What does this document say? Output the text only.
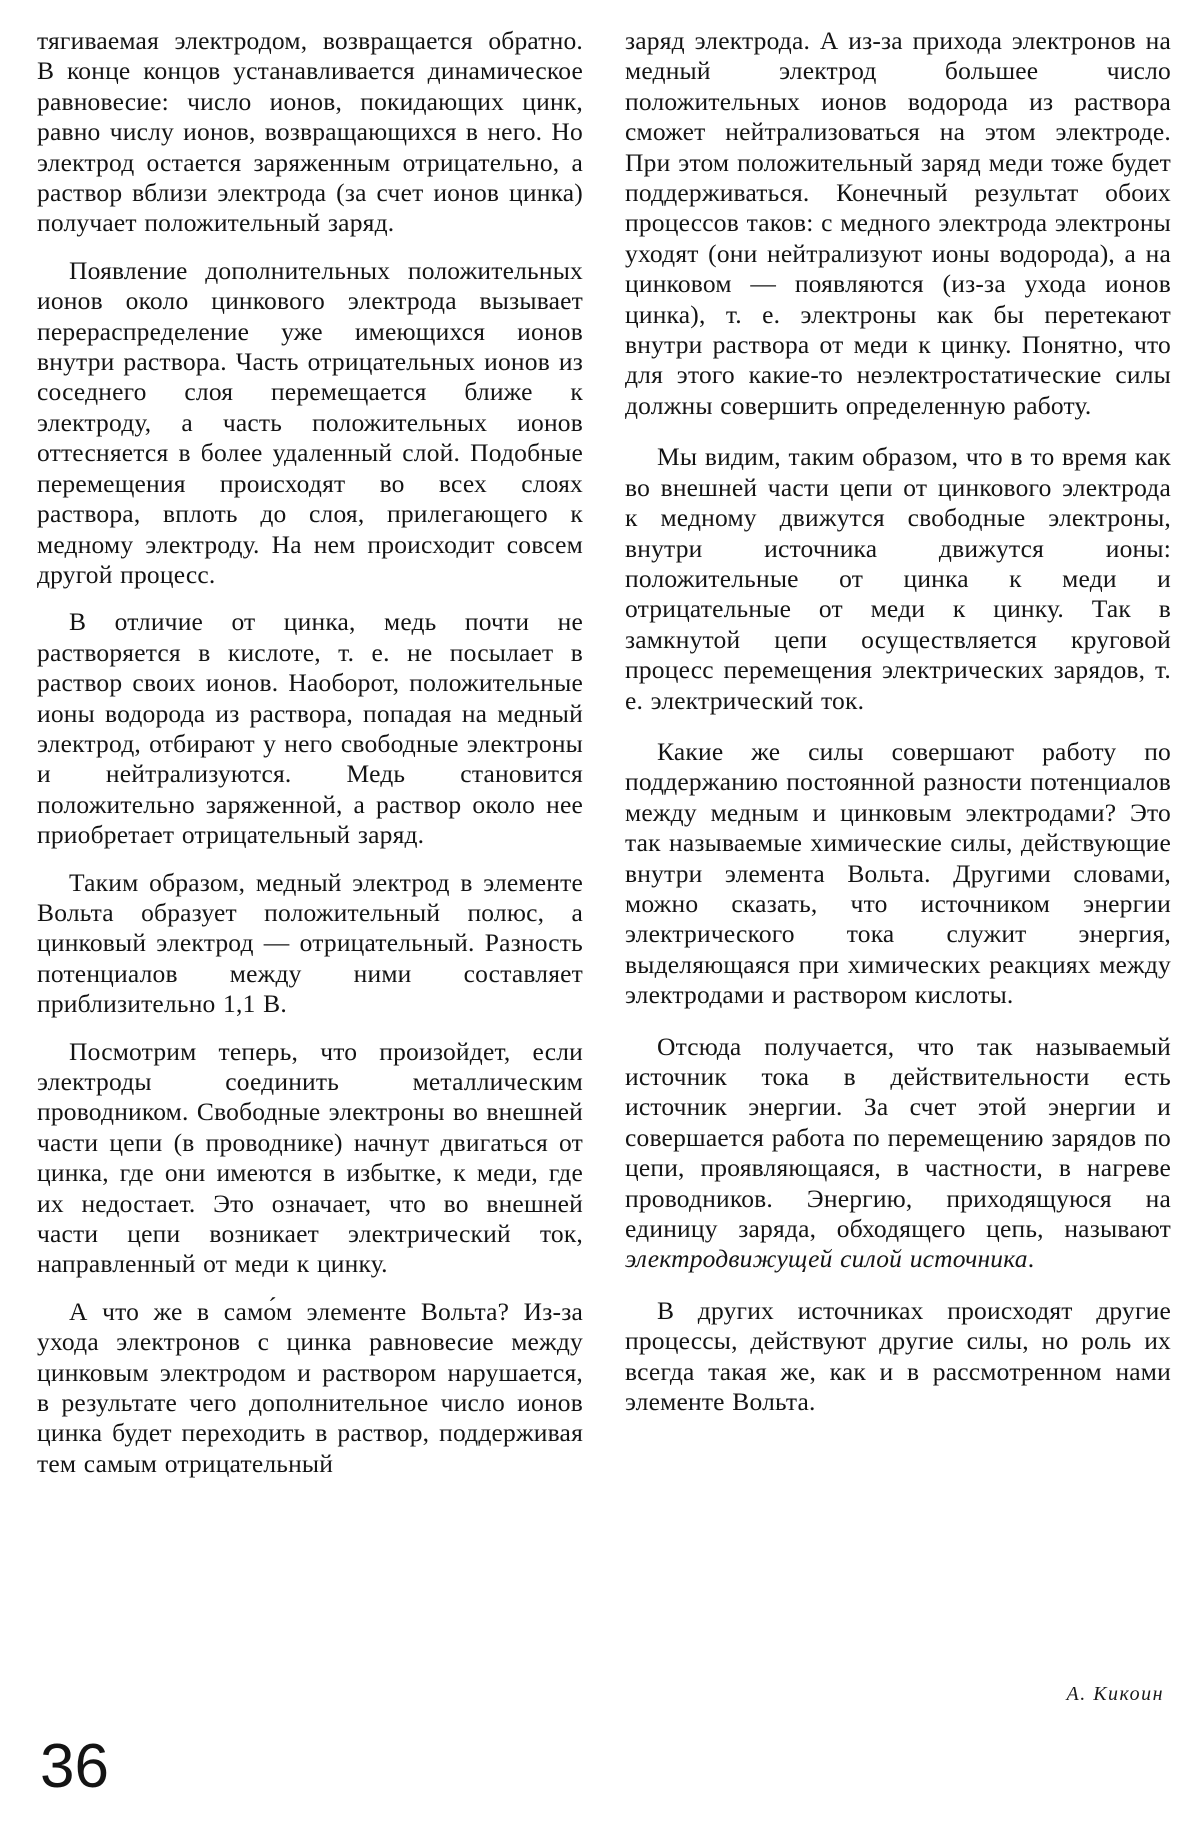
тягиваемая электродом, возвращается обратно. В конце концов устанавливается динамическое равновесие: число ионов, покидающих цинк, равно числу ионов, возвращающихся в него. Но электрод остается заряженным отрицательно, а раствор вблизи электрода (за счет ионов цинка) получает положительный заряд.

Появление дополнительных положительных ионов около цинкового электрода вызывает перераспределение уже имеющихся ионов внутри раствора. Часть отрицательных ионов из соседнего слоя перемещается ближе к электроду, а часть положительных ионов оттесняется в более удаленный слой. Подобные перемещения происходят во всех слоях раствора, вплоть до слоя, прилегающего к медному электроду. На нем происходит совсем другой процесс.

В отличие от цинка, медь почти не растворяется в кислоте, т. е. не посылает в раствор своих ионов. Наоборот, положительные ионы водорода из раствора, попадая на медный электрод, отбирают у него свободные электроны и нейтрализуются. Медь становится положительно заряженной, а раствор около нее приобретает отрицательный заряд.

Таким образом, медный электрод в элементе Вольта образует положительный полюс, а цинковый электрод — отрицательный. Разность потенциалов между ними составляет приблизительно 1,1 В.

Посмотрим теперь, что произойдет, если электроды соединить металлическим проводником. Свободные электроны во внешней части цепи (в проводнике) начнут двигаться от цинка, где они имеются в избытке, к меди, где их недостает. Это означает, что во внешней части цепи возникает электрический ток, направленный от меди к цинку.

А что же в само́м элементе Вольта? Из-за ухода электронов с цинка равновесие между цинковым электродом и раствором нарушается, в результате чего дополнительное число ионов цинка будет переходить в раствор, поддерживая тем самым отрицательный

заряд электрода. А из-за прихода электронов на медный электрод большее число положительных ионов водорода из раствора сможет нейтрализоваться на этом электроде. При этом положительный заряд меди тоже будет поддерживаться. Конечный результат обоих процессов таков: с медного электрода электроны уходят (они нейтрализуют ионы водорода), а на цинковом — появляются (из-за ухода ионов цинка), т. е. электроны как бы перетекают внутри раствора от меди к цинку. Понятно, что для этого какие-то неэлектростатические силы должны совершить определенную работу.

Мы видим, таким образом, что в то время как во внешней части цепи от цинкового электрода к медному движутся свободные электроны, внутри источника движутся ионы: положительные от цинка к меди и отрицательные от меди к цинку. Так в замкнутой цепи осуществляется круговой процесс перемещения электрических зарядов, т. е. электрический ток.

Какие же силы совершают работу по поддержанию постоянной разности потенциалов между медным и цинковым электродами? Это так называемые химические силы, действующие внутри элемента Вольта. Другими словами, можно сказать, что источником энергии электрического тока служит энергия, выделяющаяся при химических реакциях между электродами и раствором кислоты.

Отсюда получается, что так называемый источник тока в действительности есть источник энергии. За счет этой энергии и совершается работа по перемещению зарядов по цепи, проявляющаяся, в частности, в нагреве проводников. Энергию, приходящуюся на единицу заряда, обходящего цепь, называют электродвижущей силой источника.

В других источниках происходят другие процессы, действуют другие силы, но роль их всегда такая же, как и в рассмотренном нами элементе Вольта.

А. Кикоин
36
